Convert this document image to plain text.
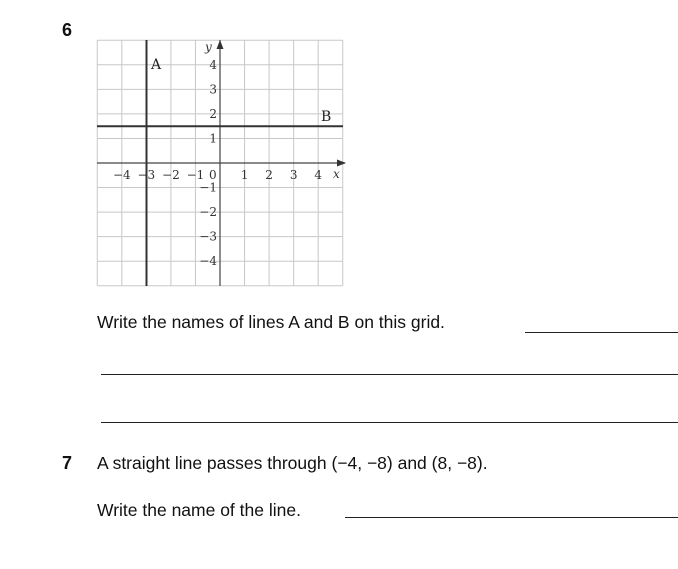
6
A
B
x
y
0
−4 −3 −2 −1	1 2 3 4
4
3
2
1
−1
−2
−3
−4
Write the names of lines A and B on this grid.
7 A straight line passes through (−4, −8) and (8, −8).
Write the name of the line.
